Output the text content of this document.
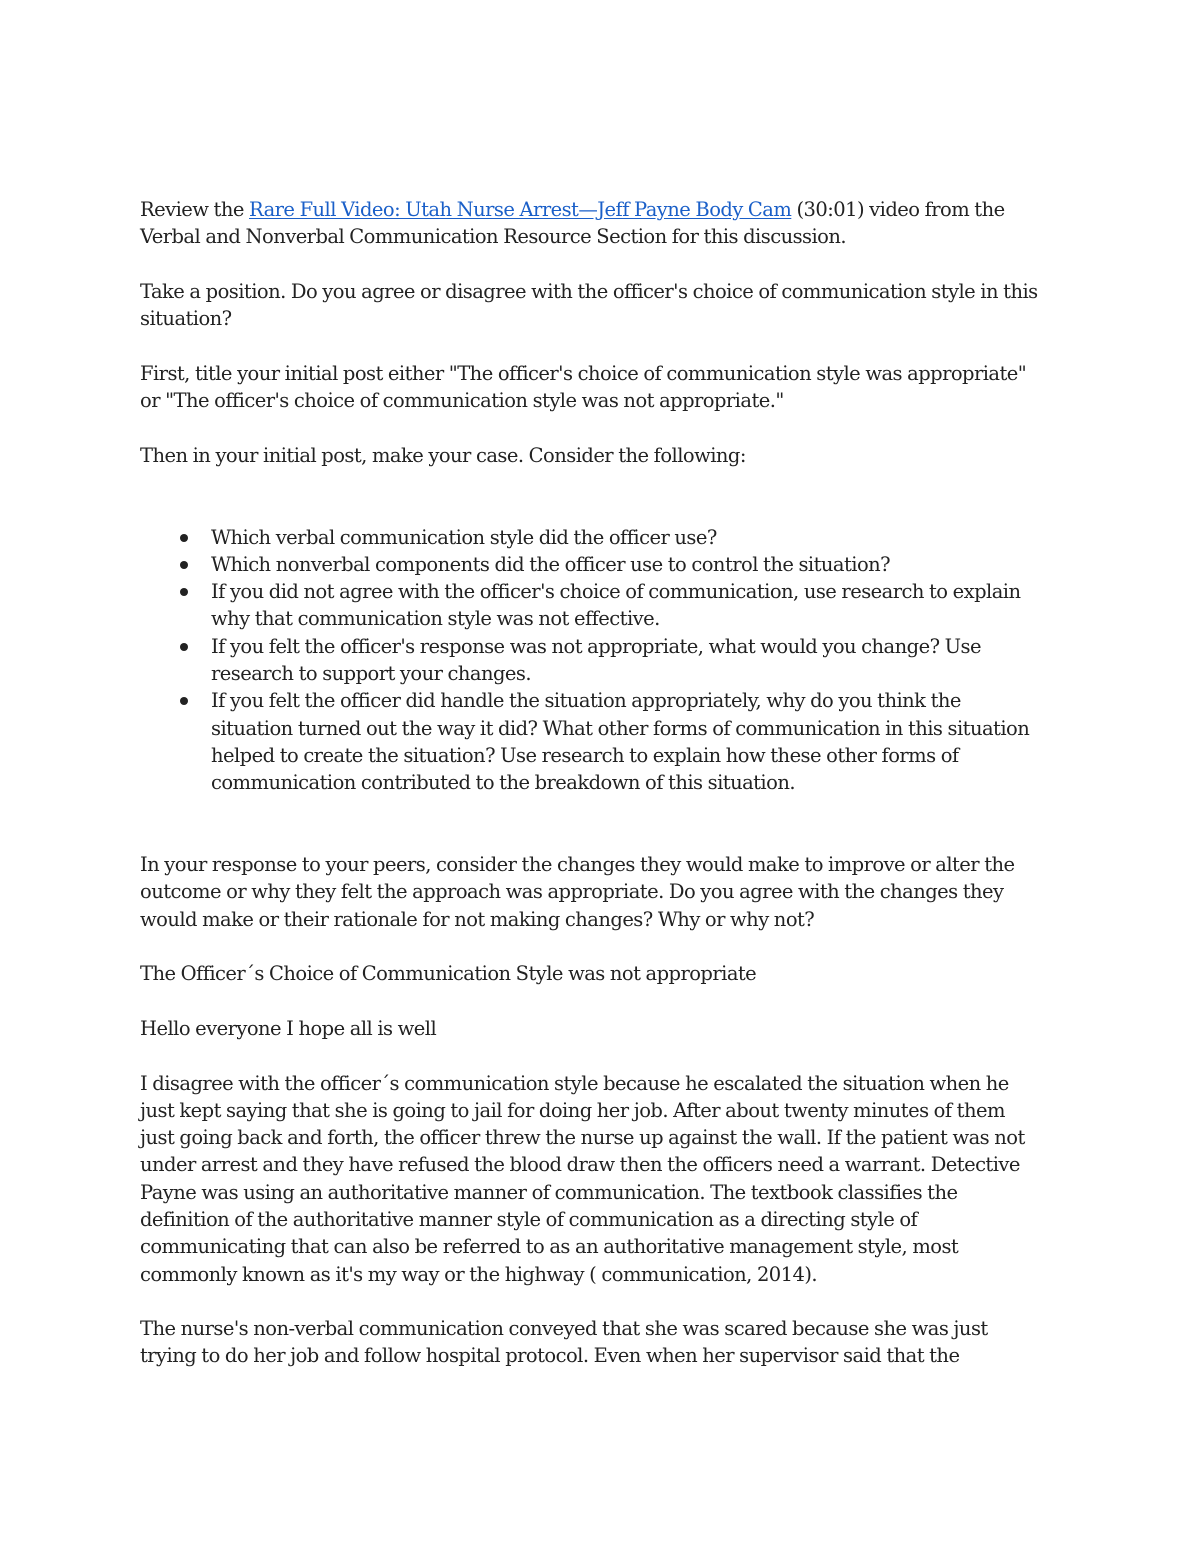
Review the Rare Full Video: Utah Nurse Arrest—Jeff Payne Body Cam (30:01) video from the Verbal and Nonverbal Communication Resource Section for this discussion.

Take a position. Do you agree or disagree with the officer's choice of communication style in this situation?

First, title your initial post either "The officer's choice of communication style was appropriate" or "The officer's choice of communication style was not appropriate."

Then in your initial post, make your case. Consider the following:

Which verbal communication style did the officer use?
Which nonverbal components did the officer use to control the situation?
If you did not agree with the officer's choice of communication, use research to explain why that communication style was not effective.
If you felt the officer's response was not appropriate, what would you change? Use research to support your changes.
If you felt the officer did handle the situation appropriately, why do you think the situation turned out the way it did? What other forms of communication in this situation helped to create the situation? Use research to explain how these other forms of communication contributed to the breakdown of this situation.

In your response to your peers, consider the changes they would make to improve or alter the outcome or why they felt the approach was appropriate. Do you agree with the changes they would make or their rationale for not making changes? Why or why not?

The Officer´s Choice of Communication Style was not appropriate

Hello everyone I hope all is well

I disagree with the officer´s communication style because he escalated the situation when he just kept saying that she is going to jail for doing her job. After about twenty minutes of them just going back and forth, the officer threw the nurse up against the wall. If the patient was not under arrest and they have refused the blood draw then the officers need a warrant. Detective Payne was using an authoritative manner of communication. The textbook classifies the definition of the authoritative manner style of communication as a directing style of communicating that can also be referred to as an authoritative management style, most commonly known as it's my way or the highway ( communication, 2014).

The nurse's non-verbal communication conveyed that she was scared because she was just trying to do her job and follow hospital protocol. Even when her supervisor said that the
